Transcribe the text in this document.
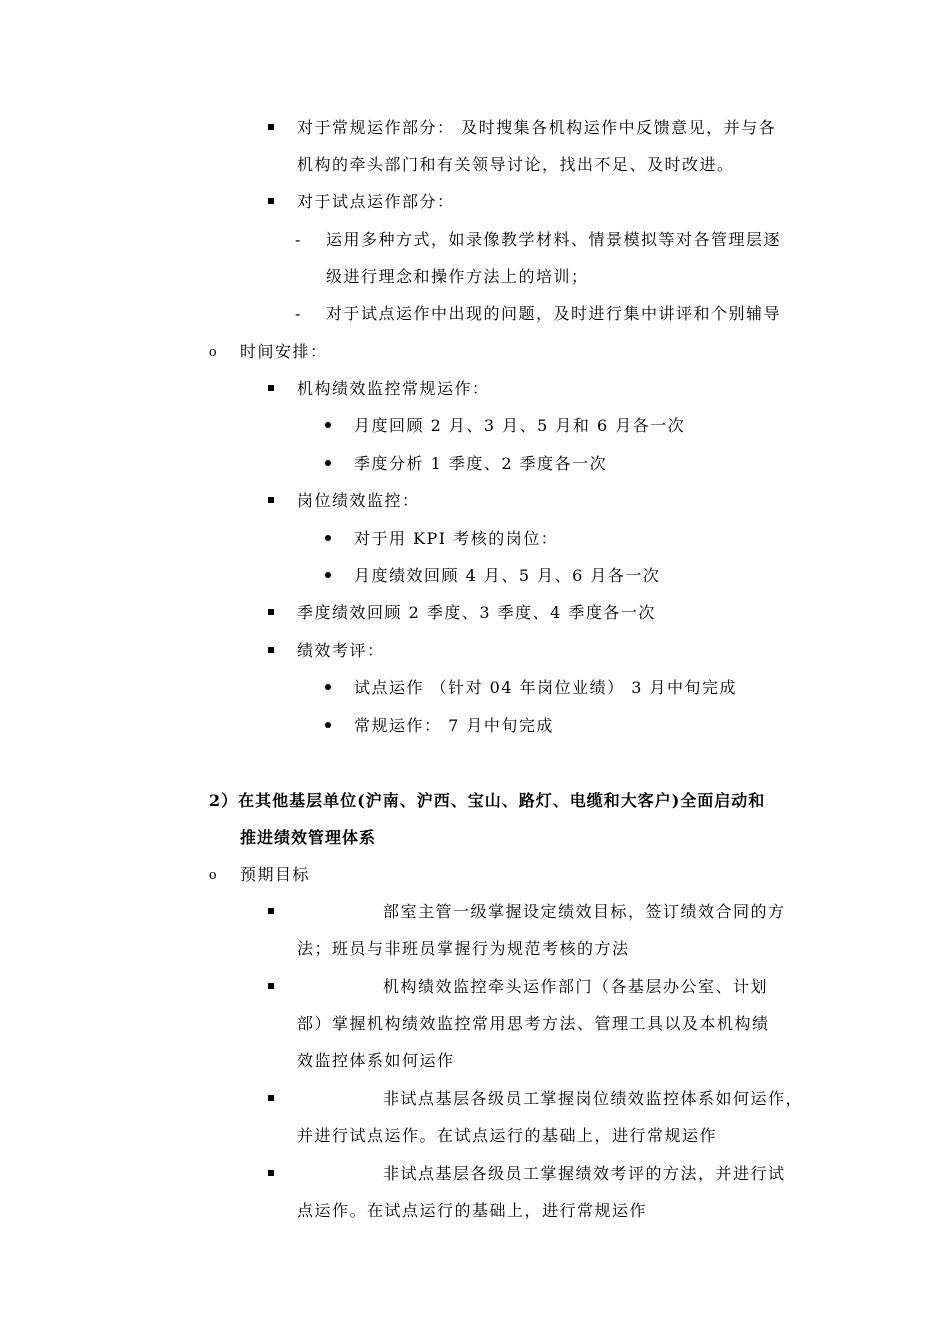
对于常规运作部分： 及时搜集各机构运作中反馈意见，并与各
机构的牵头部门和有关领导讨论，找出不足、及时改进。
对于试点运作部分：
- 运用多种方式，如录像教学材料、情景模拟等对各管理层逐
级进行理念和操作方法上的培训；
- 对于试点运作中出现的问题，及时进行集中讲评和个别辅导
o 时间安排：
机构绩效监控常规运作：
月度回顾 2 月、3 月、5 月和 6 月各一次
季度分析 1 季度、2 季度各一次
岗位绩效监控：
对于用 KPI 考核的岗位：
月度绩效回顾 4 月、5 月、6 月各一次
季度绩效回顾 2 季度、3 季度、4 季度各一次
绩效考评：
试点运作 （针对 04 年岗位业绩） 3 月中旬完成
常规运作： 7 月中旬完成
2）在其他基层单位(沪南、沪西、宝山、路灯、电缆和大客户)全面启动和
推进绩效管理体系
o 预期目标
部室主管一级掌握设定绩效目标，签订绩效合同的方
法；班员与非班员掌握行为规范考核的方法
机构绩效监控牵头运作部门（各基层办公室、计划
部）掌握机构绩效监控常用思考方法、管理工具以及本机构绩
效监控体系如何运作
非试点基层各级员工掌握岗位绩效监控体系如何运作，
并进行试点运作。在试点运行的基础上，进行常规运作
非试点基层各级员工掌握绩效考评的方法，并进行试
点运作。在试点运行的基础上，进行常规运作
